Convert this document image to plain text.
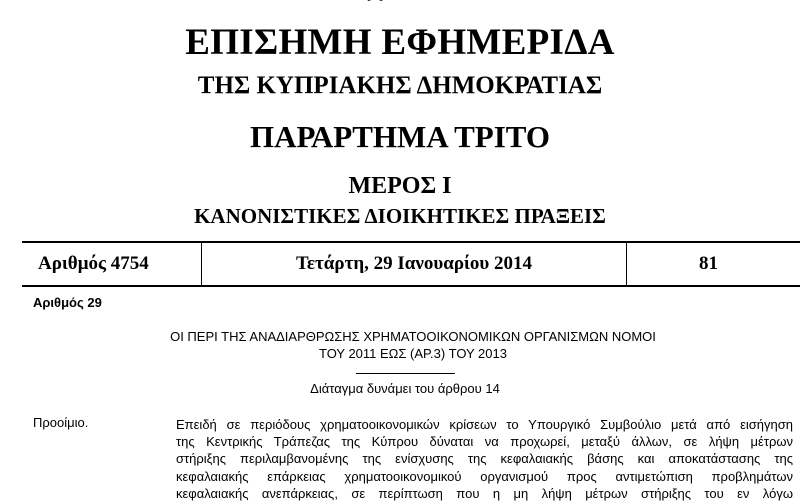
ΕΠΙΣΗΜΗ ΕΦΗΜΕΡΙΔΑ
ΤΗΣ ΚΥΠΡΙΑΚΗΣ ΔΗΜΟΚΡΑΤΙΑΣ
ΠΑΡΑΡΤΗΜΑ ΤΡΙΤΟ
ΜΕΡΟΣ Ι
ΚΑΝΟΝΙΣΤΙΚΕΣ ΔΙΟΙΚΗΤΙΚΕΣ ΠΡΑΞΕΙΣ
Αριθμός 4754	Τετάρτη, 29 Ιανουαρίου 2014	81

Αριθμός 29

ΟΙ ΠΕΡΙ ΤΗΣ ΑΝΑΔΙΑΡΘΡΩΣΗΣ ΧΡΗΜΑΤΟΟΙΚΟΝΟΜΙΚΩΝ ΟΡΓΑΝΙΣΜΩΝ ΝΟΜΟΙ
ΤΟΥ 2011 ΕΩΣ (ΑΡ.3) ΤΟΥ 2013

Διάταγμα δυνάμει του άρθρου 14

Προοίμιο.	Επειδή σε περιόδους χρηματοοικονομικών κρίσεων το Υπουργικό Συμβούλιο μετά από εισήγηση
της Κεντρικής Τράπεζας της Κύπρου δύναται να προχωρεί, μεταξύ άλλων, σε λήψη μέτρων
στήριξης περιλαμβανομένης της ενίσχυσης της κεφαλαιακής βάσης και αποκατάστασης της
κεφαλαιακής επάρκειας χρηματοοικονομικού οργανισμού προς αντιμετώπιση προβλημάτων
κεφαλαιακής ανεπάρκειας, σε περίπτωση που η μη λήψη μέτρων στήριξης του εν λόγω
